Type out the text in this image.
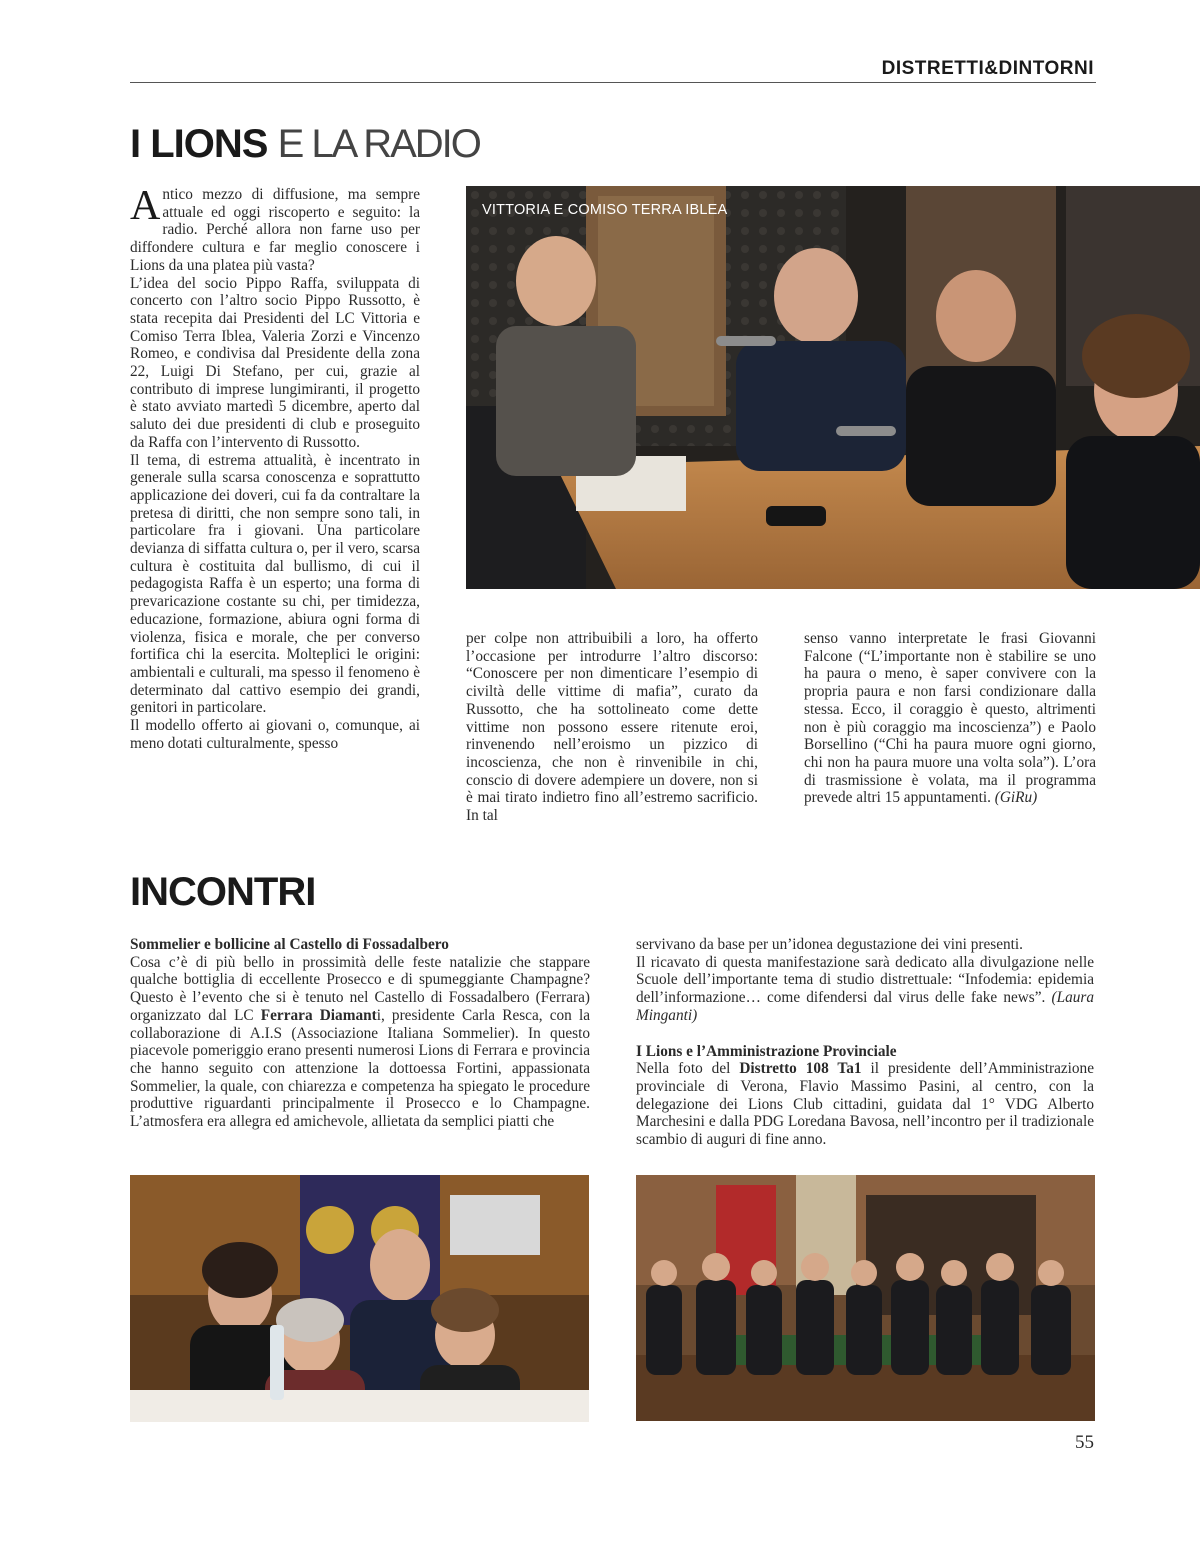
DISTRETTI&DINTORNI
I LIONS E LA RADIO

Antico mezzo di diffusione, ma sempre attuale ed oggi riscoperto e seguito: la radio. Perché allora non farne uso per diffondere cultura e far meglio conoscere i Lions da una platea più vasta?

L’idea del socio Pippo Raffa, sviluppata di concerto con l’altro socio Pippo Russotto, è stata recepita dai Presidenti del LC Vittoria e Comiso Terra Iblea, Valeria Zorzi e Vincenzo Romeo, e condivisa dal Presidente della zona 22, Luigi Di Stefano, per cui, grazie al contributo di imprese lungimiranti, il progetto è stato avviato martedì 5 dicembre, aperto dal saluto dei due presidenti di club e proseguito da Raffa con l’intervento di Russotto.

Il tema, di estrema attualità, è incentrato in generale sulla scarsa conoscenza e soprattutto applicazione dei doveri, cui fa da contraltare la pretesa di diritti, che non sempre sono tali, in particolare fra i giovani. Una particolare devianza di siffatta cultura o, per il vero, scarsa cultura è costituita dal bullismo, di cui il pedagogista Raffa è un esperto; una forma di prevaricazione costante su chi, per timidezza, educazione, formazione, abiura ogni forma di violenza, fisica e morale, che per converso fortifica chi la esercita. Molteplici le origini: ambientali e culturali, ma spesso il fenomeno è determinato dal cattivo esempio dei grandi, genitori in particolare.

Il modello offerto ai giovani o, comunque, ai meno dotati culturalmente, spesso

VITTORIA E COMISO TERRA IBLEA

per colpe non attribuibili a loro, ha offerto l’occasione per introdurre l’altro discorso: “Conoscere per non dimenticare l’esempio di civiltà delle vittime di mafia”, curato da Russotto, che ha sottolineato come dette vittime non possono essere ritenute eroi, rinvenendo nell’eroismo un pizzico di incoscienza, che non è rinvenibile in chi, conscio di dovere adempiere un dovere, non si è mai tirato indietro fino all’estremo sacrificio. In tal

senso vanno interpretate le frasi Giovanni Falcone (“L’importante non è stabilire se uno ha paura o meno, è saper convivere con la propria paura e non farsi condizionare dalla stessa. Ecco, il coraggio è questo, altrimenti non è più coraggio ma incoscienza”) e Paolo Borsellino (“Chi ha paura muore ogni giorno, chi non ha paura muore una volta sola”). L’ora di trasmissione è volata, ma il programma prevede altri 15 appuntamenti. (GiRu)

INCONTRI

Sommelier e bollicine al Castello di Fossadalbero

Cosa c’è di più bello in prossimità delle feste natalizie che stappare qualche bottiglia di eccellente Prosecco e di spumeggiante Champagne? Questo è l’evento che si è tenuto nel Castello di Fossadalbero (Ferrara) organizzato dal LC Ferrara Diamanti, presidente Carla Resca, con la collaborazione di A.I.S (Associazione Italiana Sommelier). In questo piacevole pomeriggio erano presenti numerosi Lions di Ferrara e provincia che hanno seguito con attenzione la dottoessa Fortini, appassionata Sommelier, la quale, con chiarezza e competenza ha spiegato le procedure produttive riguardanti principalmente il Prosecco e lo Champagne. L’atmosfera era allegra ed amichevole, allietata da semplici piatti che

servivano da base per un’idonea degustazione dei vini presenti.

Il ricavato di questa manifestazione sarà dedicato alla divulgazione nelle Scuole dell’importante tema di studio distrettuale: “Infodemia: epidemia dell’informazione… come difendersi dal virus delle fake news”. (Laura Minganti)

I Lions e l’Amministrazione Provinciale

Nella foto del Distretto 108 Ta1 il presidente dell’Amministrazione provinciale di Verona, Flavio Massimo Pasini, al centro, con la delegazione dei Lions Club cittadini, guidata dal 1° VDG Alberto Marchesini e dalla PDG Loredana Bavosa, nell’incontro per il tradizionale scambio di auguri di fine anno.

55
